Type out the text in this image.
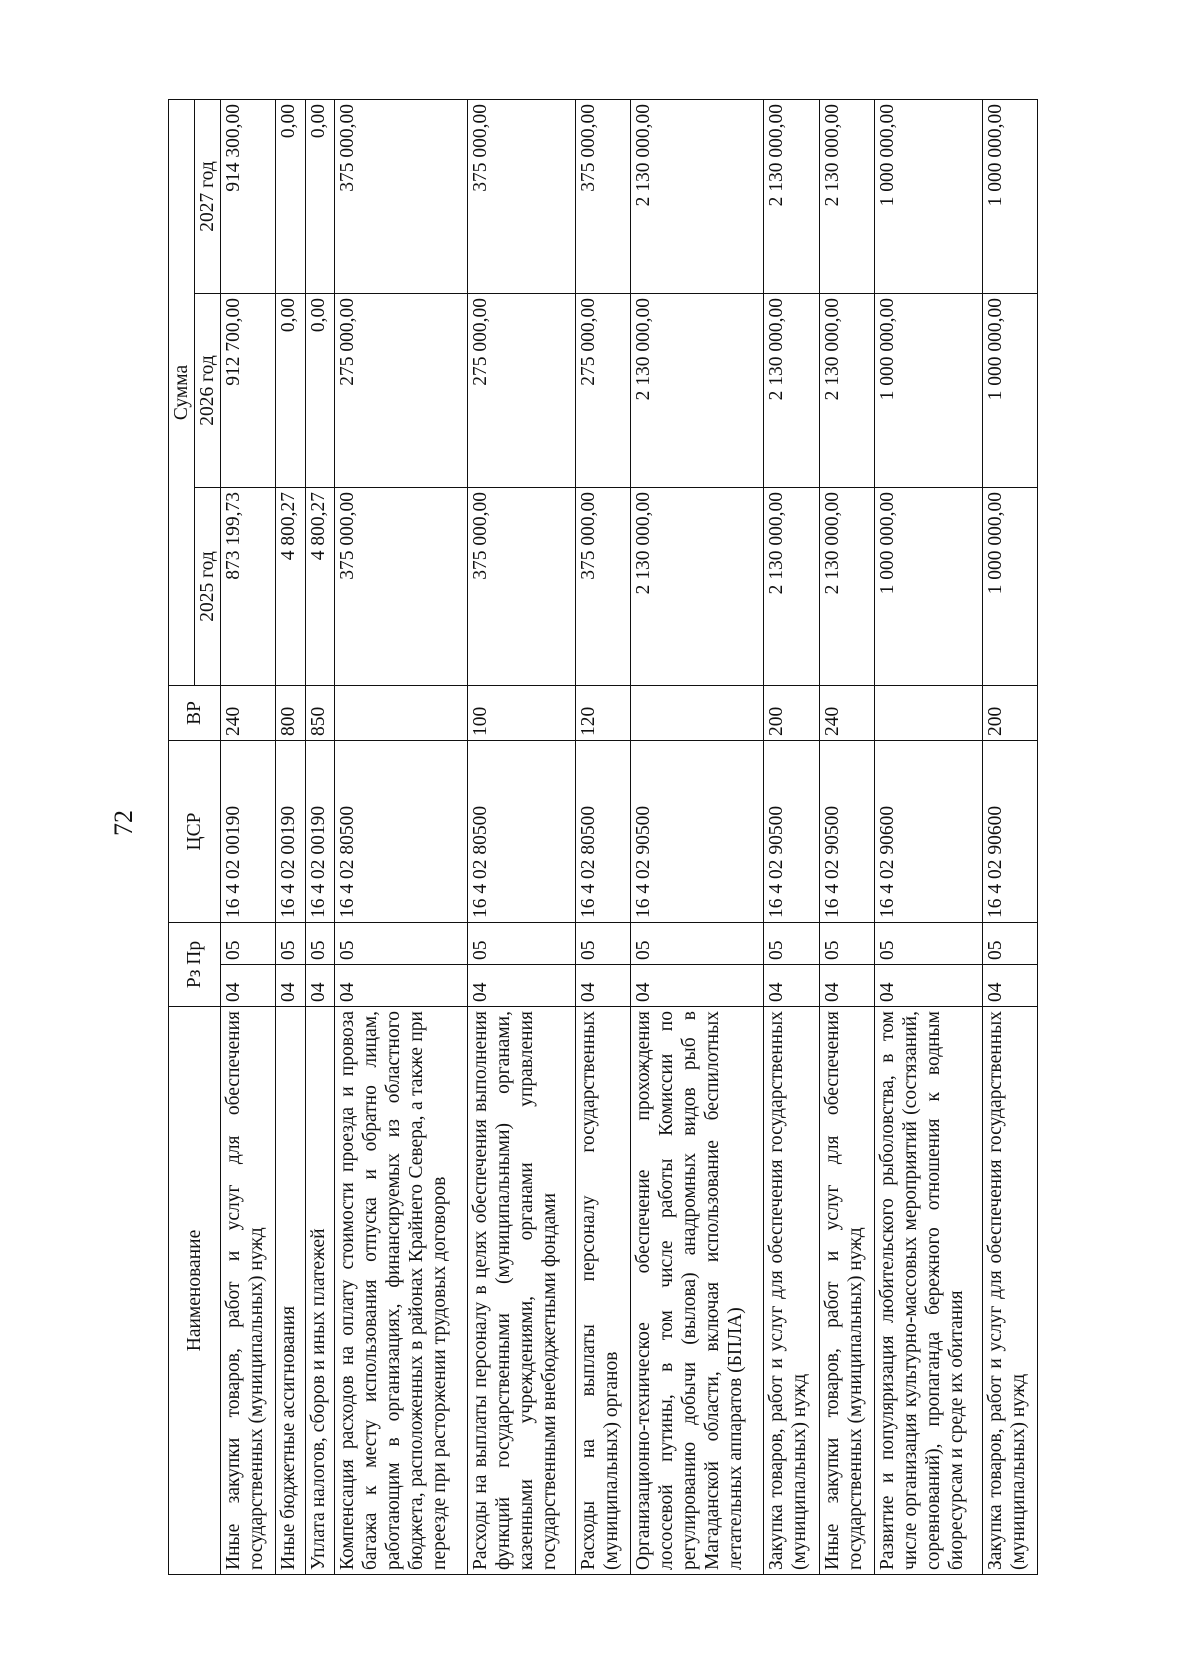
72
Наименование	Рз Пр		ЦСР	ВР	Сумма		
					2025 год	2026 год	2027 год
Иные закупки товаров, работ и услуг для обеспечения государственных (муниципальных) нужд	04	05	16 4 02 00190	240	873 199,73	912 700,00	914 300,00
Иные бюджетные ассигнования	04	05	16 4 02 00190	800	4 800,27	0,00	0,00
Уплата налогов, сборов и иных платежей	04	05	16 4 02 00190	850	4 800,27	0,00	0,00
Компенсация расходов на оплату стоимости проезда и провоза багажа к месту использования отпуска и обратно лицам, работающим в организациях, финансируемых из областного бюджета, расположенных в районах Крайнего Севера, а также при переезде при расторжении трудовых договоров	04	05	16 4 02 80500		375 000,00	275 000,00	375 000,00
Расходы на выплаты персоналу в целях обеспечения выполнения функций государственными (муниципальными) органами, казенными учреждениями, органами управления государственными внебюджетными фондами	04	05	16 4 02 80500	100	375 000,00	275 000,00	375 000,00
Расходы на выплаты персоналу государственных (муниципальных) органов	04	05	16 4 02 80500	120	375 000,00	275 000,00	375 000,00
Организационно-техническое обеспечение прохождения лососевой путины, в том числе работы Комиссии по регулированию добычи (вылова) анадромных видов рыб в Магаданской области, включая использование беспилотных летательных аппаратов (БПЛА)	04	05	16 4 02 90500		2 130 000,00	2 130 000,00	2 130 000,00
Закупка товаров, работ и услуг для обеспечения государственных (муниципальных) нужд	04	05	16 4 02 90500	200	2 130 000,00	2 130 000,00	2 130 000,00
Иные закупки товаров, работ и услуг для обеспечения государственных (муниципальных) нужд	04	05	16 4 02 90500	240	2 130 000,00	2 130 000,00	2 130 000,00
Развитие и популяризация любительского рыболовства, в том числе организация культурно-массовых мероприятий (состязаний, соревнований), пропаганда бережного отношения к водным биоресурсам и среде их обитания	04	05	16 4 02 90600		1 000 000,00	1 000 000,00	1 000 000,00
Закупка товаров, работ и услуг для обеспечения государственных (муниципальных) нужд	04	05	16 4 02 90600	200	1 000 000,00	1 000 000,00	1 000 000,00
